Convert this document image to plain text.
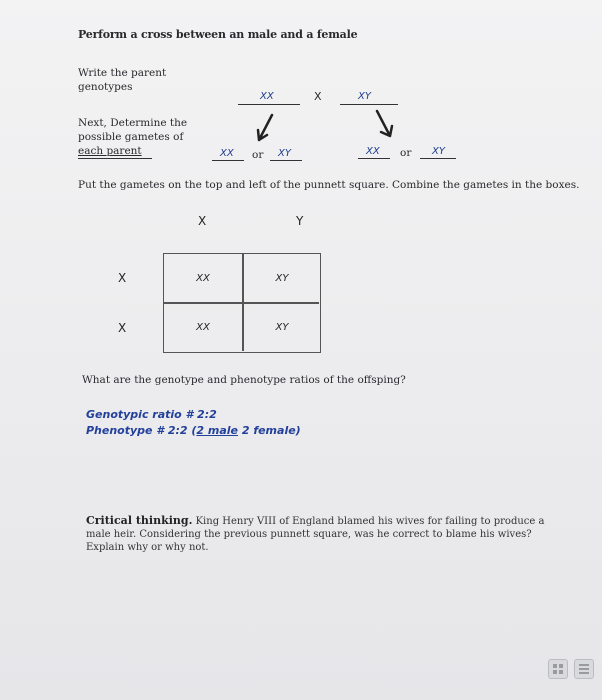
Perform a cross between an male and a female
Write the parent
genotypes
XX	X	XY
Next, Determine the
possible gametes of
each parent	XX or XY	XX or XY
Put the gametes on the top and left of the punnett square. Combine the gametes in the boxes.
X	Y
X
X
XX	XY
XX	XY
What are the genotype and phenotype ratios of the offsping?
Genotypic ratio # 2:2
Phenotype # 2:2 (2 male 2 female)
Critical thinking. King Henry VIII of England blamed his wives for failing to produce a male heir. Considering the previous punnett square, was he correct to blame his wives? Explain why or why not.
